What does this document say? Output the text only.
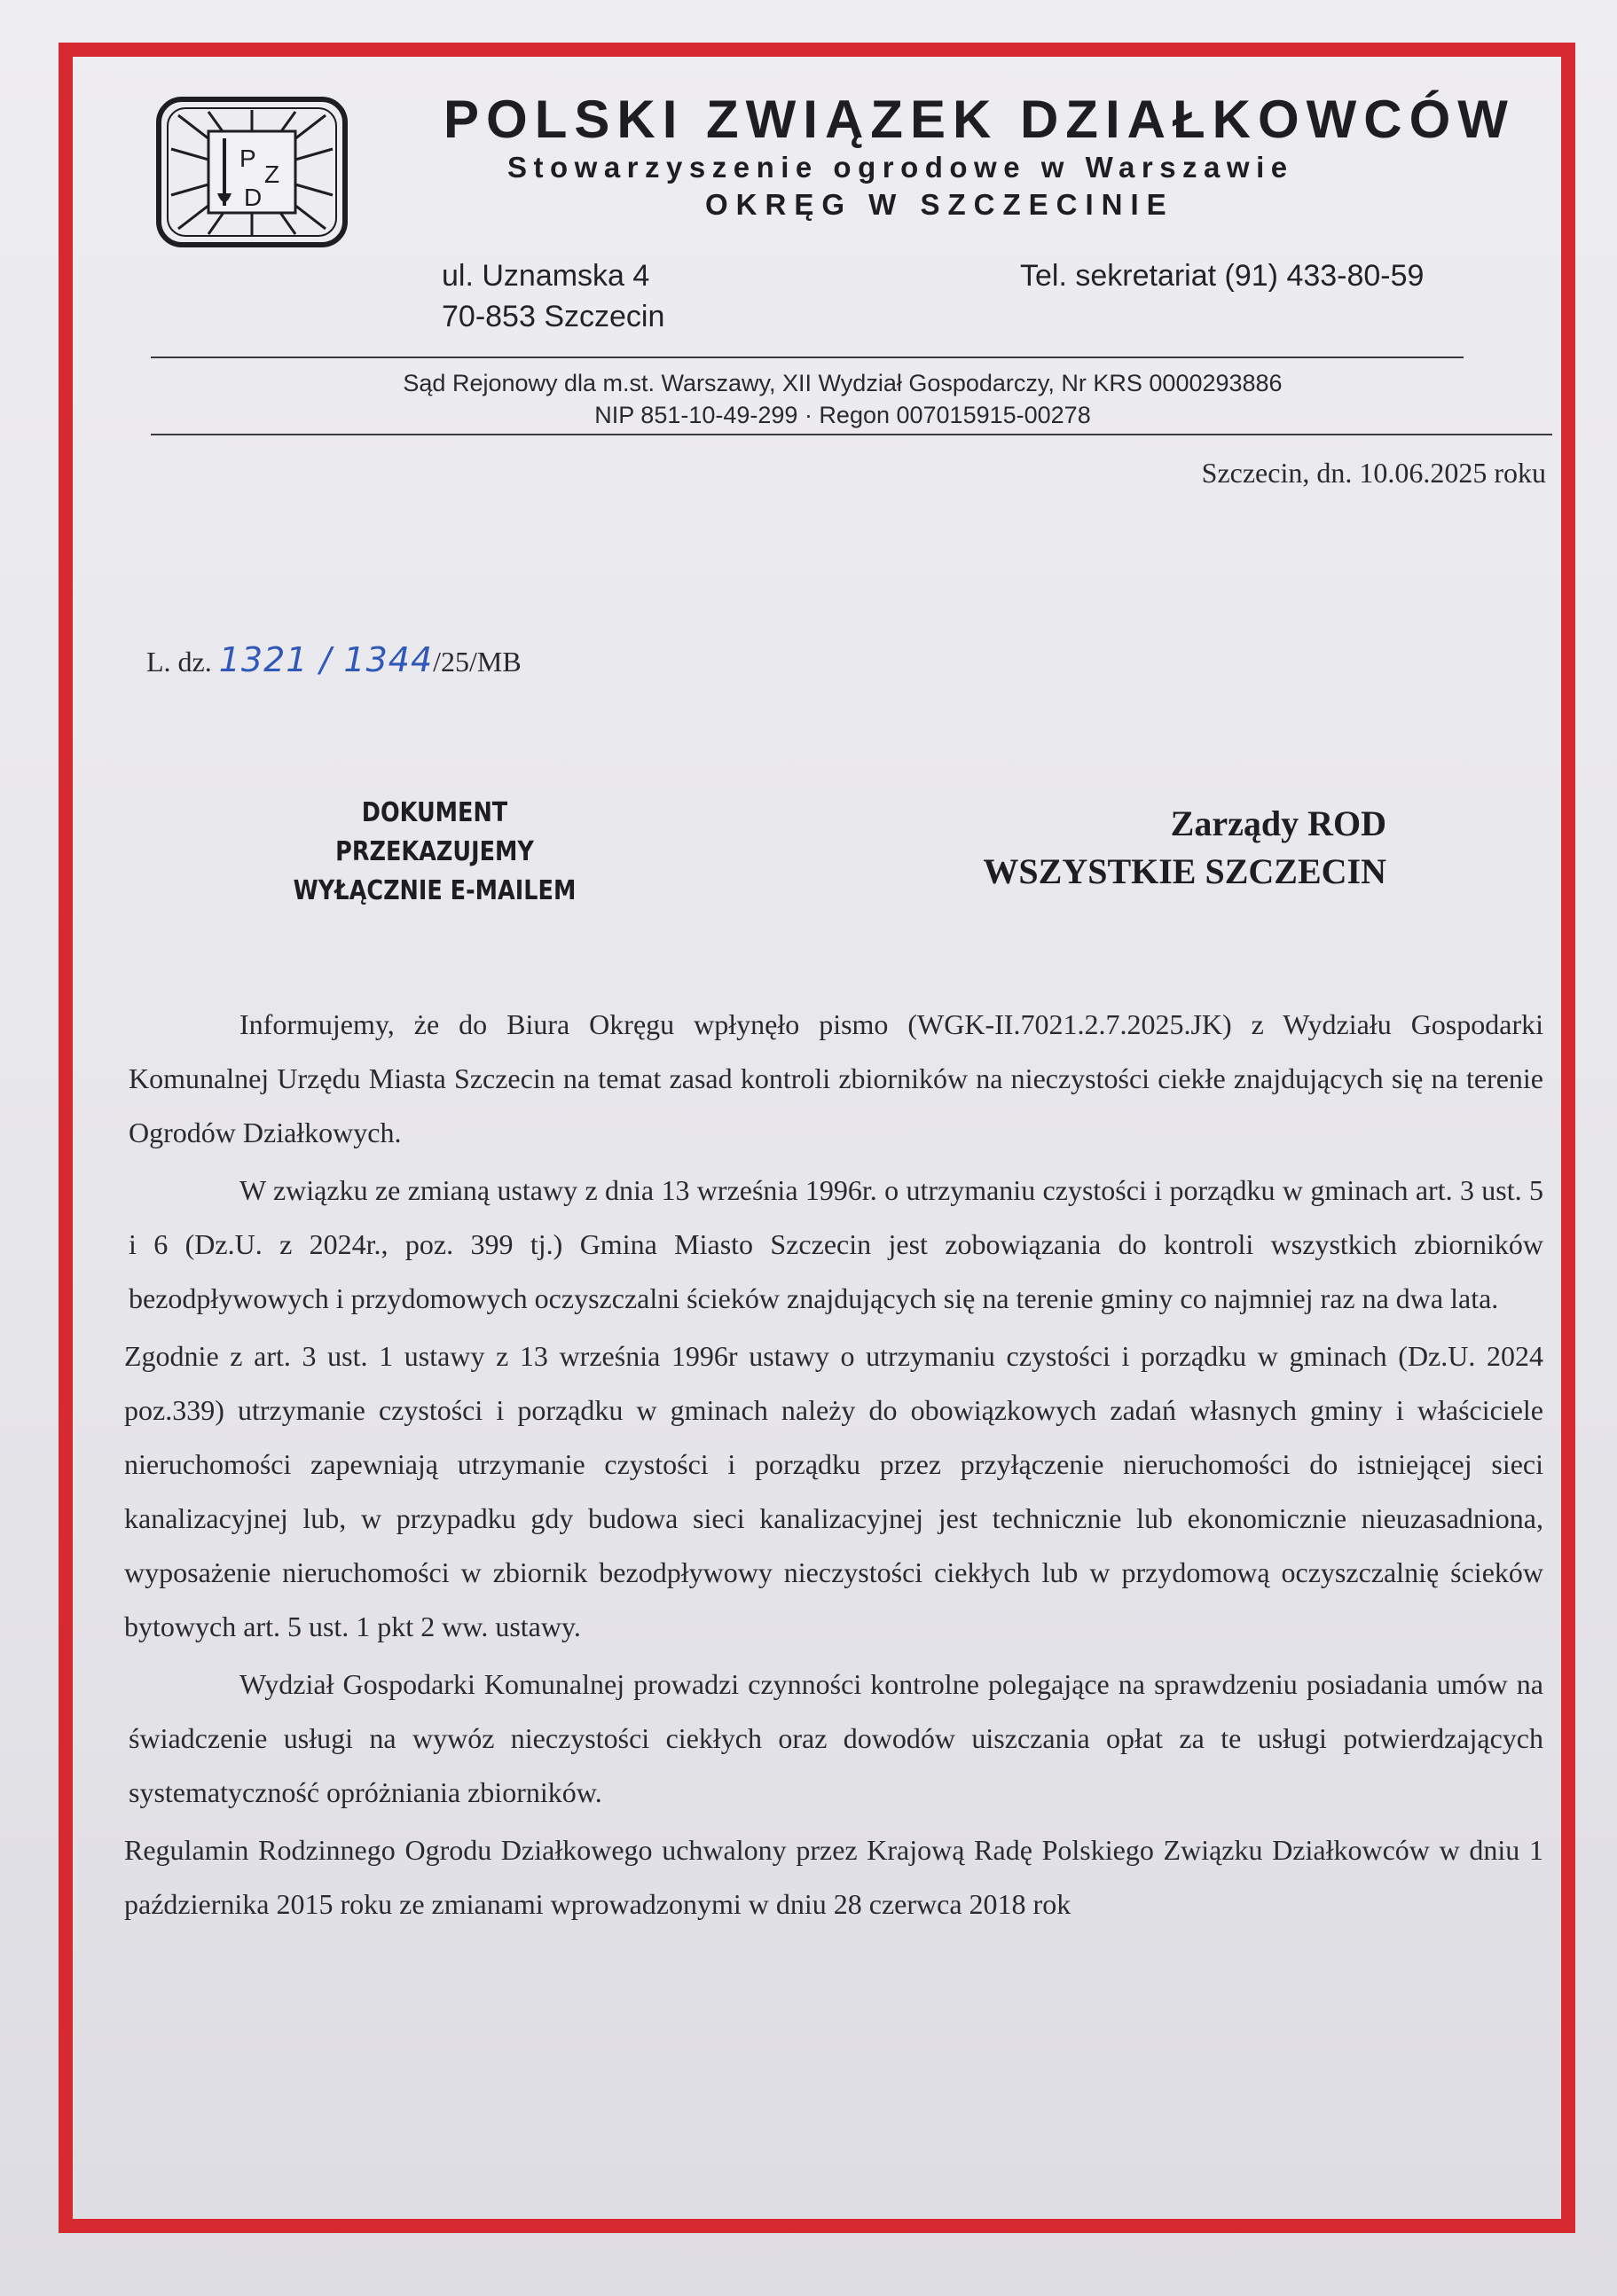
P
Z
D
POLSKI ZWIĄZEK DZIAŁKOWCÓW
Stowarzyszenie ogrodowe w Warszawie
OKRĘG W SZCZECINIE
ul. Uznamska 4
70-853 Szczecin
Tel. sekretariat (91) 433-80-59
Sąd Rejonowy dla m.st. Warszawy, XII Wydział Gospodarczy, Nr KRS 0000293886
NIP 851-10-49-299 · Regon 007015915-00278
Szczecin, dn. 10.06.2025 roku
L. dz. 1321 / 1344/25/MB
DOKUMENT PRZEKAZUJEMY
WYŁĄCZNIE E-MAILEM
Zarządy ROD
WSZYSTKIE SZCZECIN

Informujemy, że do Biura Okręgu wpłynęło pismo (WGK-II.7021.2.7.2025.JK) z Wydziału Gospodarki Komunalnej Urzędu Miasta Szczecin na temat zasad kontroli zbiorników na nieczystości ciekłe znajdujących się na terenie Ogrodów Działkowych.

W związku ze zmianą ustawy z dnia 13 września 1996r. o utrzymaniu czystości i porządku w gminach art. 3 ust. 5 i 6 (Dz.U. z 2024r., poz. 399 tj.) Gmina Miasto Szczecin jest zobowiązania do kontroli wszystkich zbiorników bezodpływowych i przydomowych oczyszczalni ścieków znajdujących się na terenie gminy co najmniej raz na dwa lata.

Zgodnie z art. 3 ust. 1 ustawy z 13 września 1996r ustawy o utrzymaniu czystości i porządku w gminach (Dz.U. 2024 poz.339) utrzymanie czystości i porządku w gminach należy do obowiązkowych zadań własnych gminy i właściciele nieruchomości zapewniają utrzymanie czystości i porządku przez przyłączenie nieruchomości do istniejącej sieci kanalizacyjnej lub, w przypadku gdy budowa sieci kanalizacyjnej jest technicznie lub ekonomicznie nieuzasadniona, wyposażenie nieruchomości w zbiornik bezodpływowy nieczystości ciekłych lub w przydomową oczyszczalnię ścieków bytowych art. 5 ust. 1 pkt 2 ww. ustawy.

Wydział Gospodarki Komunalnej prowadzi czynności kontrolne polegające na sprawdzeniu posiadania umów na świadczenie usługi na wywóz nieczystości ciekłych oraz dowodów uiszczania opłat za te usługi potwierdzających systematyczność opróżniania zbiorników.

Regulamin Rodzinnego Ogrodu Działkowego uchwalony przez Krajową Radę Polskiego Związku Działkowców w dniu 1 października 2015 roku ze zmianami wprowadzonymi w dniu 28 czerwca 2018 rok
